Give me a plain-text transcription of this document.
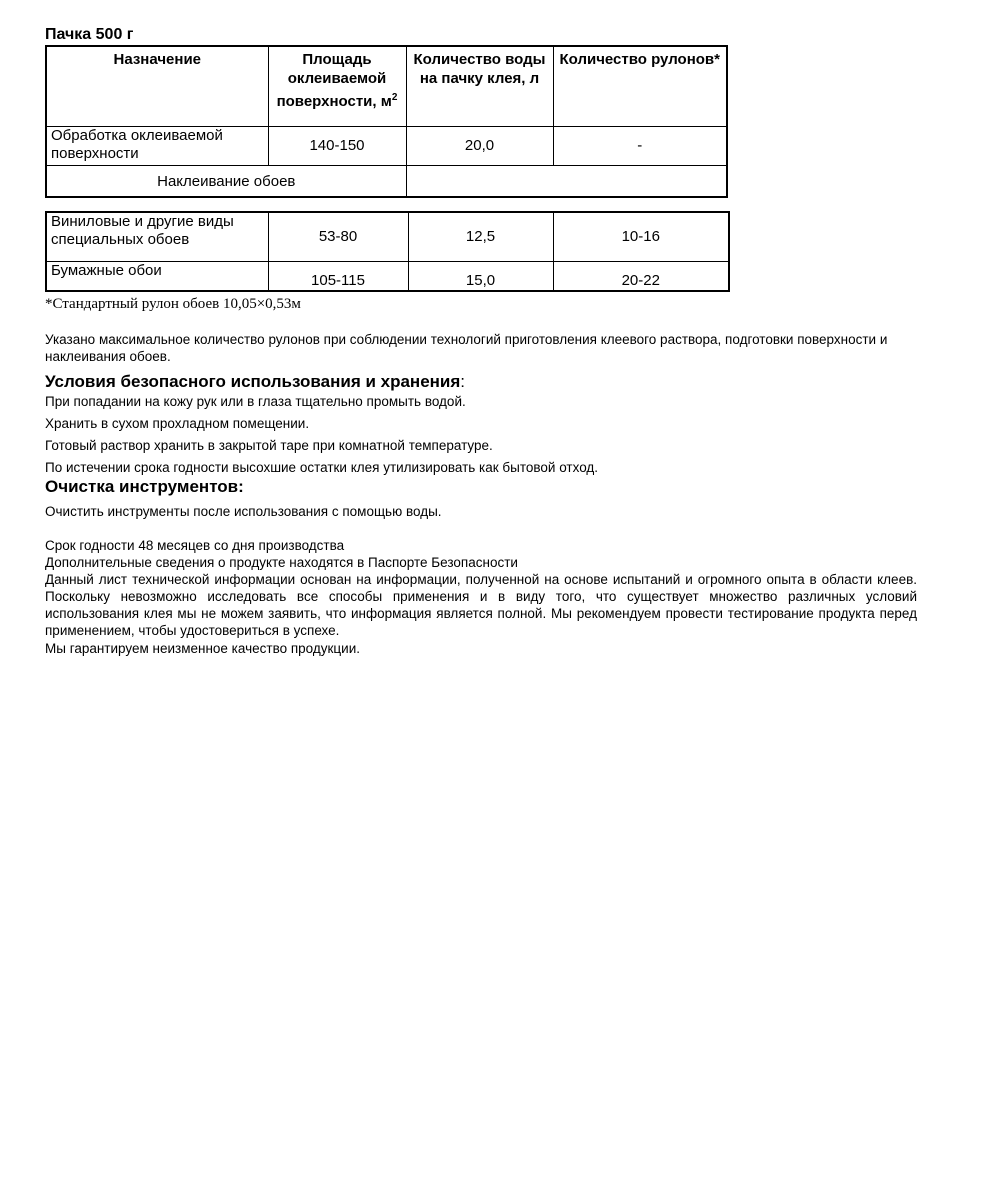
Пачка 500 г
Назначение	Площадь оклеиваемой поверхности, $м^2$	Количество воды на пачку клея, л	Количество рулонов*
Обработка оклеиваемой поверхности	140-150	20,0	-
Наклеивание обоев			
Виниловые и другие виды специальных обоев	53-80	12,5	10-16
Бумажные обои	105-115	15,0	20-22
*Стандартный рулон обоев 10,05×0,53м
Указано максимальное количество рулонов при соблюдении технологий приготовления клеевого раствора, подготовки поверхности и наклеивания обоев.
Условия безопасного использования и хранения:
При попадании на кожу рук или в глаза тщательно промыть водой.
Хранить в сухом прохладном помещении.
Готовый раствор хранить в закрытой таре при комнатной температуре.
По истечении срока годности высохшие остатки клея утилизировать как бытовой отход.
Очистка инструментов:
Очистить инструменты после использования с помощью воды.
Срок годности 48 месяцев со дня производства
Дополнительные сведения о продукте находятся в Паспорте Безопасности
Данный лист технической информации основан на информации, полученной на основе испытаний и огромного опыта в области клеев. Поскольку невозможно исследовать все способы применения и в виду того, что существует множество различных условий использования клея мы не можем заявить, что информация является полной. Мы рекомендуем провести тестирование продукта перед применением, чтобы удостовериться в успехе.
Мы гарантируем неизменное качество продукции.
